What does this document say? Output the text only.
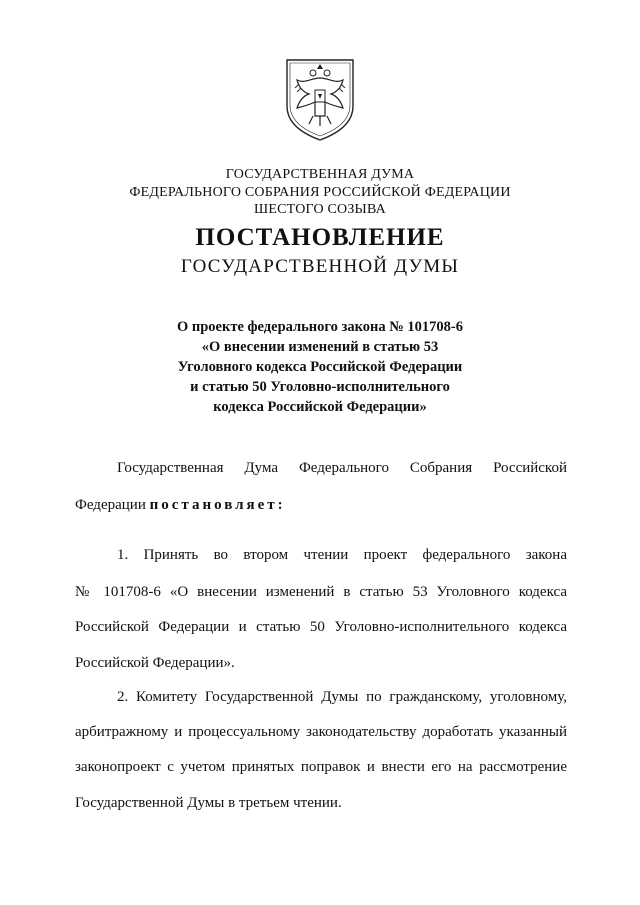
ГОСУДАРСТВЕННАЯ ДУМА
ФЕДЕРАЛЬНОГО СОБРАНИЯ РОССИЙСКОЙ ФЕДЕРАЦИИ
ШЕСТОГО СОЗЫВА
ПОСТАНОВЛЕНИЕ
ГОСУДАРСТВЕННОЙ ДУМЫ
О проекте федерального закона № 101708-6
«О внесении изменений в статью 53
Уголовного кодекса Российской Федерации
и статью 50 Уголовно-исполнительного
кодекса Российской Федерации»
Государственная Дума Федерального Собрания Российской
Федерации постановляет:
1. Принять во втором чтении проект федерального закона
№ 101708-6 «О внесении изменений в статью 53 Уголовного кодекса
Российской Федерации и статью 50 Уголовно-исполнительного кодекса
Российской Федерации».
2. Комитету Государственной Думы по гражданскому, уголовному,
арбитражному и процессуальному законодательству доработать указанный
законопроект с учетом принятых поправок и внести его на рассмотрение
Государственной Думы в третьем чтении.
